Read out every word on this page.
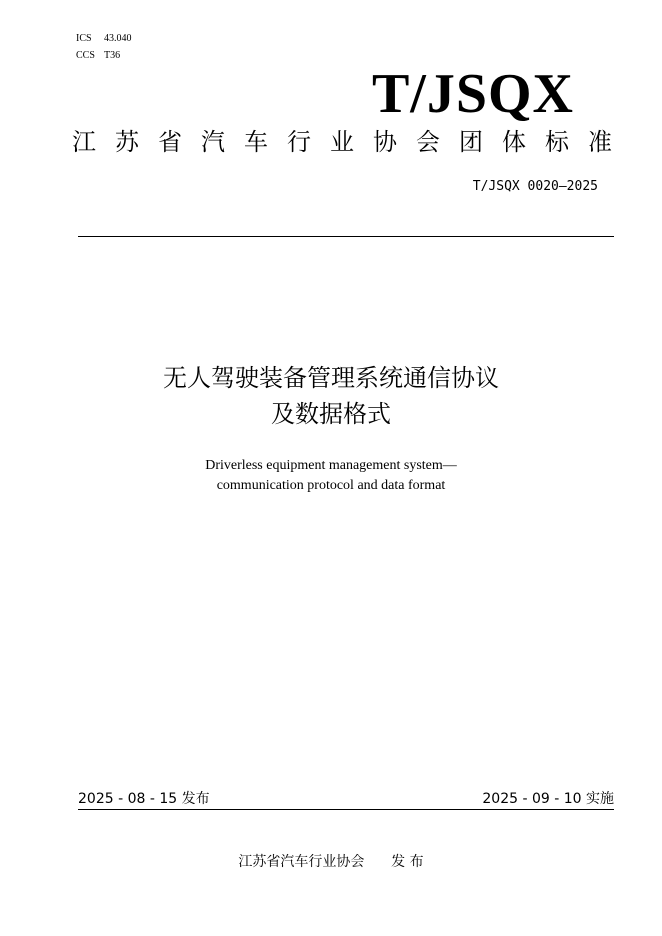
ICS 43.040
CCS T36
T/JSQX
江 苏 省 汽 车 行 业 协 会 团 体 标 准
T/JSQX 0020—2025
无人驾驶装备管理系统通信协议
及数据格式
Driverless equipment management system—
communication protocol and data format
2025 - 08 - 15 发布	2025 - 09 - 10 实施
江苏省汽车行业协会 发 布
